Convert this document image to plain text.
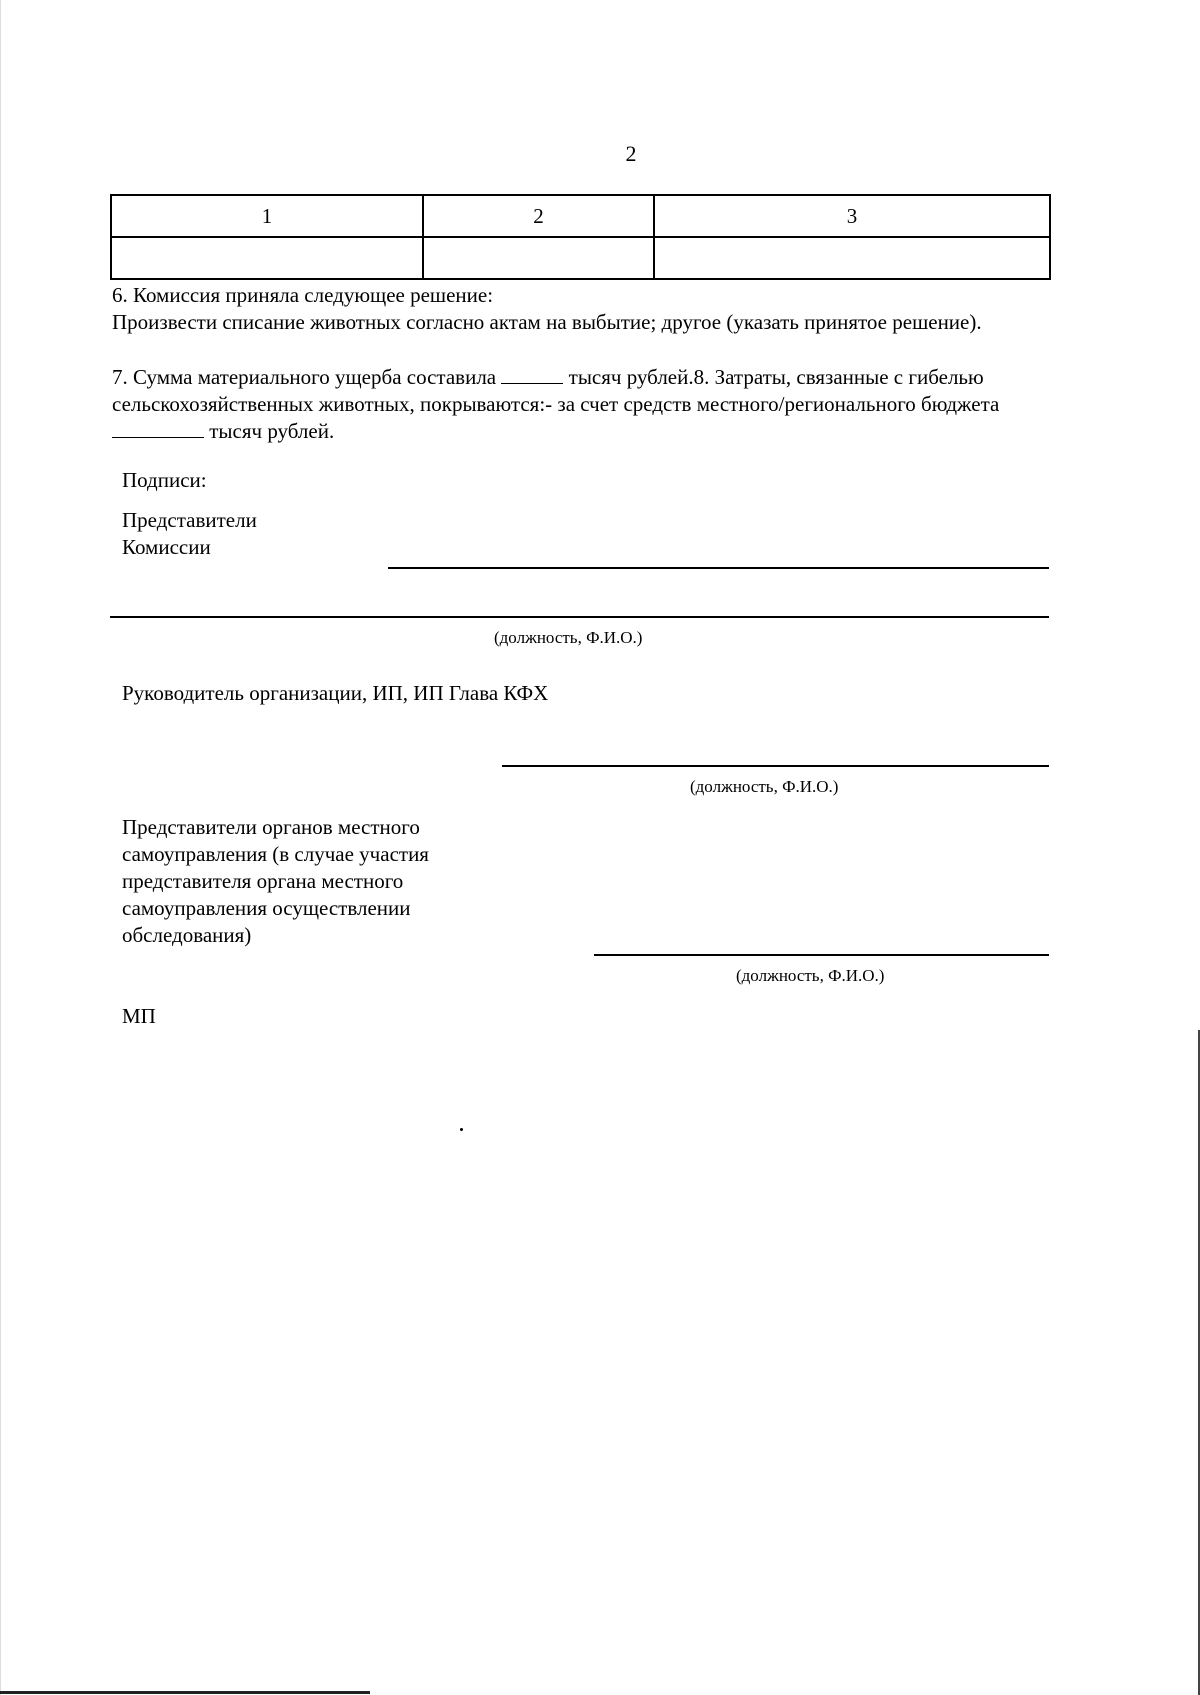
2
1	2	3

6. Комиссия приняла следующее решение:
Произвести списание животных согласно актам на выбытие; другое (указать принятое решение).
7. Сумма материального ущерба составила	тысяч рублей.8. Затраты, связанные с гибелью
сельскохозяйственных животных, покрываются:- за счет средств местного/регионального бюджета
тысяч рублей.
Подписи:
Представители
Комиссии
(должность, Ф.И.О.)
Руководитель организации, ИП, ИП Глава КФХ
(должность, Ф.И.О.)
Представители органов местного
самоуправления (в случае участия
представителя органа местного
самоуправления осуществлении
обследования)
(должность, Ф.И.О.)
МП
